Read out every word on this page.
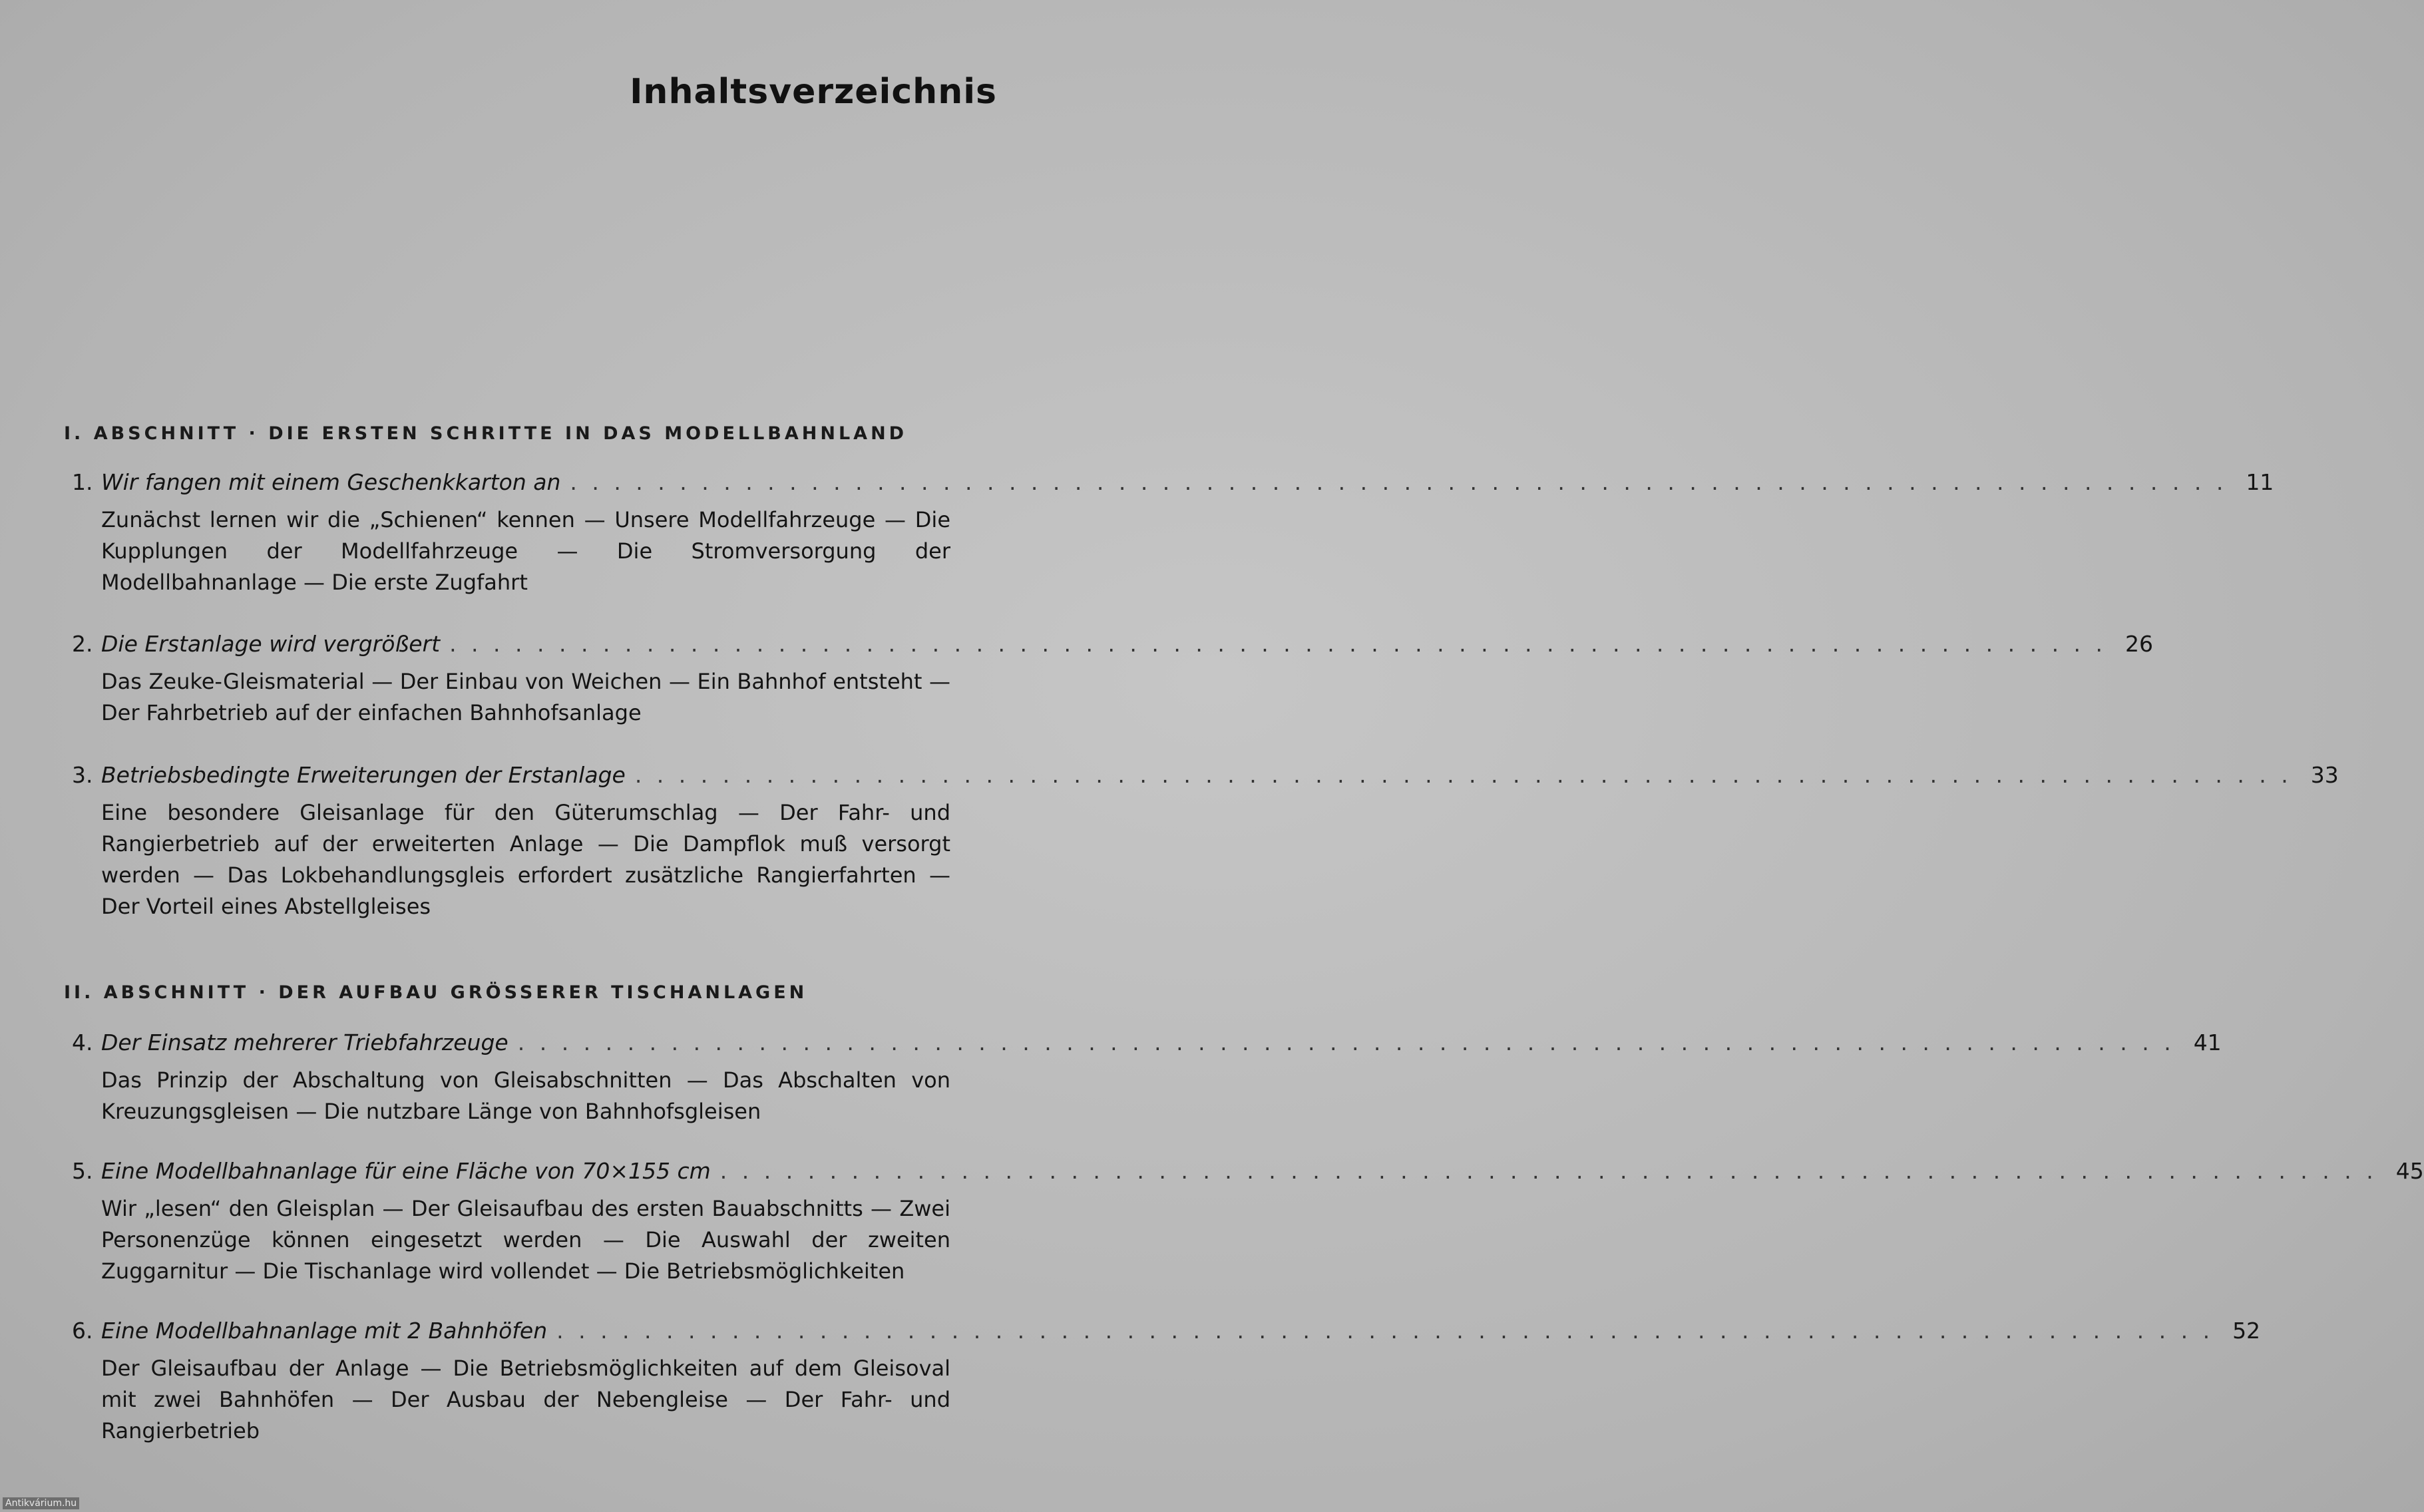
Inhaltsverzeichnis
I. ABSCHNITT · DIE ERSTEN SCHRITTE IN DAS MODELLBAHNLAND
1. Wir fangen mit einem Geschenkkarton an . . . . . . . . . . . . . . . . . . . . . . . . . . . . . . . . . . . . . . . . . . . . . . . . . . . . . . . . . . . . . . . . . . . . . . . . . . . . 11

Zunächst lernen wir die „Schienen“ kennen — Unsere Modellfahrzeuge — Die Kupplungen der Modellfahrzeuge — Die Stromversorgung der Modellbahnanlage — Die erste Zugfahrt

2. Die Erstanlage wird vergrößert . . . . . . . . . . . . . . . . . . . . . . . . . . . . . . . . . . . . . . . . . . . . . . . . . . . . . . . . . . . . . . . . . . . . . . . . . . . . 26

Das Zeuke-Gleismaterial — Der Einbau von Weichen — Ein Bahnhof entsteht — Der Fahrbetrieb auf der einfachen Bahnhofsanlage

3. Betriebsbedingte Erweiterungen der Erstanlage . . . . . . . . . . . . . . . . . . . . . . . . . . . . . . . . . . . . . . . . . . . . . . . . . . . . . . . . . . . . . . . . . . . . . . . . . . . . 33

Eine besondere Gleisanlage für den Güterumschlag — Der Fahr- und Rangierbetrieb auf der erweiterten Anlage — Die Dampflok muß versorgt werden — Das Lokbehandlungsgleis erfordert zusätzliche Rangierfahrten — Der Vorteil eines Abstellgleises

II. ABSCHNITT · DER AUFBAU GRÖSSERER TISCHANLAGEN
4. Der Einsatz mehrerer Triebfahrzeuge . . . . . . . . . . . . . . . . . . . . . . . . . . . . . . . . . . . . . . . . . . . . . . . . . . . . . . . . . . . . . . . . . . . . . . . . . . . . 41

Das Prinzip der Abschaltung von Gleisabschnitten — Das Abschalten von Kreuzungsgleisen — Die nutzbare Länge von Bahnhofsgleisen

5. Eine Modellbahnanlage für eine Fläche von 70×155 cm . . . . . . . . . . . . . . . . . . . . . . . . . . . . . . . . . . . . . . . . . . . . . . . . . . . . . . . . . . . . . . . . . . . . . . . . . . . . 45

Wir „lesen“ den Gleisplan — Der Gleisaufbau des ersten Bauabschnitts — Zwei Personenzüge können eingesetzt werden — Die Auswahl der zweiten Zuggarnitur — Die Tischanlage wird vollendet — Die Betriebsmöglichkeiten

6. Eine Modellbahnanlage mit 2 Bahnhöfen . . . . . . . . . . . . . . . . . . . . . . . . . . . . . . . . . . . . . . . . . . . . . . . . . . . . . . . . . . . . . . . . . . . . . . . . . . . . 52

Der Gleisaufbau der Anlage — Die Betriebsmöglichkeiten auf dem Gleisoval mit zwei Bahnhöfen — Der Ausbau der Nebengleise — Der Fahr- und Rangierbetrieb

Antikvárium.hu
